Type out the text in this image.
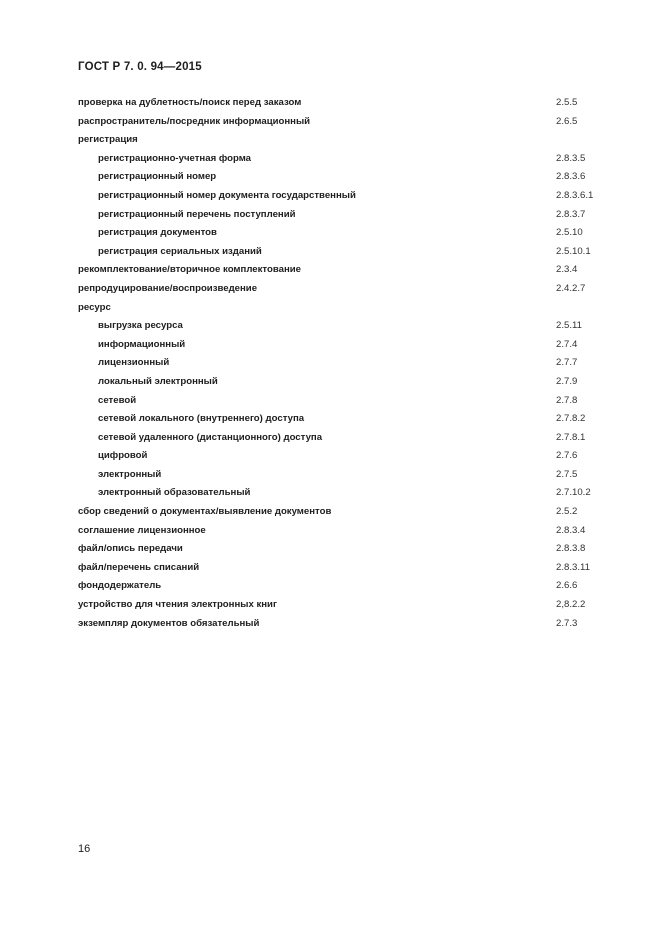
ГОСТ Р 7. 0. 94—2015
проверка на дублетность/поиск перед заказом	2.5.5
распространитель/посредник информационный	2.6.5
регистрация
регистрационно-учетная форма	2.8.3.5
регистрационный номер	2.8.3.6
регистрационный номер документа государственный	2.8.3.6.1
регистрационный перечень поступлений	2.8.3.7
регистрация документов	2.5.10
регистрация сериальных изданий	2.5.10.1
рекомплектование/вторичное комплектование	2.3.4
репродуцирование/воспроизведение	2.4.2.7
ресурс
выгрузка ресурса	2.5.11
информационный	2.7.4
лицензионный	2.7.7
локальный электронный	2.7.9
сетевой	2.7.8
сетевой локального (внутреннего) доступа	2.7.8.2
сетевой удаленного (дистанционного) доступа	2.7.8.1
цифровой	2.7.6
электронный	2.7.5
электронный образовательный	2.7.10.2
сбор сведений о документах/выявление документов	2.5.2
соглашение лицензионное	2.8.3.4
файл/опись передачи	2.8.3.8
файл/перечень списаний	2.8.3.11
фондодержатель	2.6.6
устройство для чтения электронных книг	2,8.2.2
экземпляр документов обязательный	2.7.3
16
